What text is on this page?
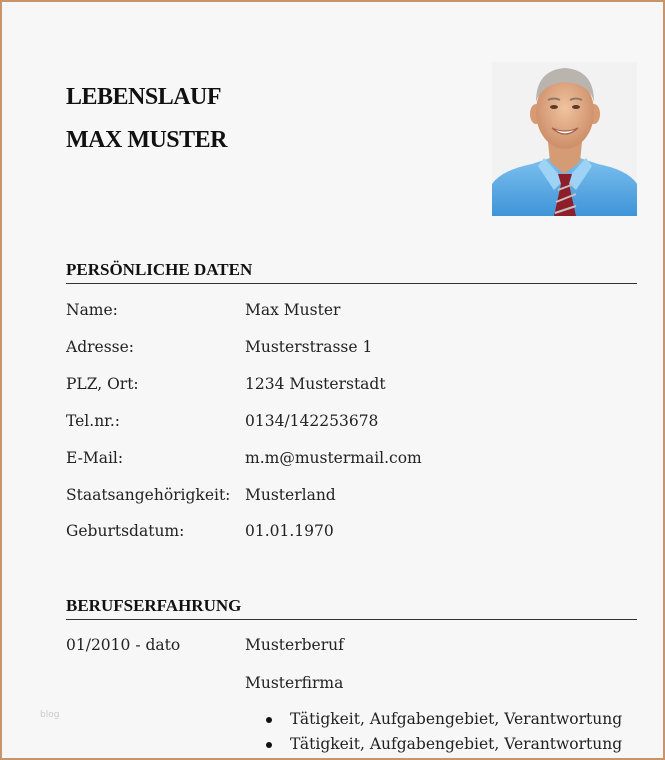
LEBENSLAUF
MAX MUSTER
PERSÖNLICHE DATEN
Name:	Max Muster
Adresse:	Musterstrasse 1
PLZ, Ort:	1234 Musterstadt
Tel.nr.:	0134/142253678
E-Mail:	m.m@mustermail.com
Staatsangehörigkeit: Musterland
Geburtsdatum:	01.01.1970
BERUFSERFAHRUNG
01/2010 - dato	Musterberuf
Musterfirma
Tätigkeit, Aufgabengebiet, Verantwortung
Tätigkeit, Aufgabengebiet, Verantwortung
blog
